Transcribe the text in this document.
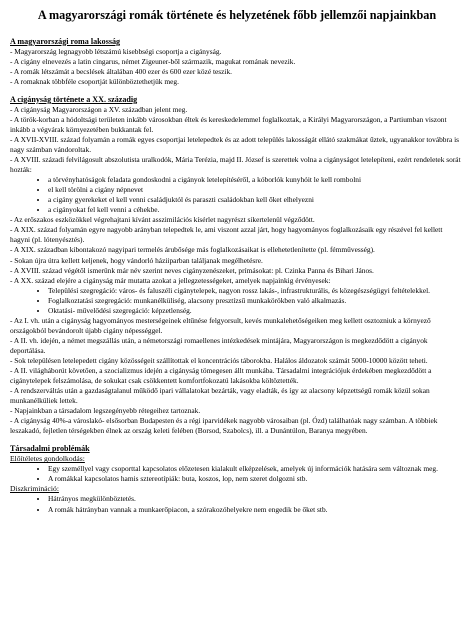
A magyarországi romák története és helyzetének főbb jellemzői napjainkban

A magyarországi roma lakosság

- Magyarország legnagyobb létszámú kisebbségi csoportja a cigányság.

- A cigány elnevezés a latin cingarus, német Zigeuner-ből származik, magukat romának nevezik.

- A romák létszámát a becslések általában 400 ezer és 600 ezer közé teszik.

- A romaknak többféle csoportját különböztethetjük meg.

A cigányság története a XX. századig

- A cigányság Magyarországon a XV. században jelent meg.

- A török-korban a hódoltsági területen inkább városokban éltek és kereskedelemmel foglalkoztak, a Királyi Magyarországon, a Partiumban viszont inkább a végvárak környezetében bukkantak fel.

- A XVII-XVIII. század folyamán a romák egyes csoportjai letelepedtek és az adott település lakosságát ellátó szakmákat űztek, ugyanakkor továbbra is nagy számban vándoroltak.

- A XVIII. századi felvilágosult abszolutista uralkodók, Mária Terézia, majd II. József is szerettek volna a cigányságot letelepíteni, ezért rendeletek sorát hozták:

• a törvényhatóságok feladata gondoskodni a cigányok letelepítéséről, a kóborlók kunyhóit le kell rombolni
• el kell törölni a cigány népnevet
• a cigány gyerekeket el kell venni családjuktól és paraszti családokban kell őket elhelyezni
• a cigányokat fel kell venni a céhekbe.

- Az erőszakos eszközökkel végrehajtani kívánt asszimilációs kísérlet nagyrészt sikertelenül végződött.

- A XIX. század folyamán egyre nagyobb arányban telepedtek le, ami viszont azzal járt, hogy hagyományos foglalkozásaik egy részével fel kellett hagyni (pl. lótenyésztés).

- A XIX. században kibontakozó nagyipari termelés árubősége más foglalkozásaikat is ellehetetlenítette (pl. fémművesség).

- Sokan újra útra kellett keljenek, hogy vándorló háziiparban találjanak megélhetésre.

- A XVIII. század végétől ismerünk már név szerint neves cigányzenészeket, prímásokat: pl. Czinka Panna és Bihari János.

- A XX. század elejére a cigányság már mutatta azokat a jellegzetességeket, amelyek napjainkig érvényesek:

• Településí szegregáció: város- és faluszéli cigánytelepek, nagyon rossz lakás-, infrastrukturális, és közegészségügyi feltételekkel.
• Foglalkoztatási szegregáció: munkanélküliség, alacsony presztízsű munkakörökben való alkalmazás.
• Oktatási- művelődési szegregáció: képzetlenség.

- Az I. vh. után a cigányság hagyományos mesterségeinek eltűnése felgyorsult, kevés munkalehetőségeiken meg kellett osztozniuk a környező országokból bevándorolt újabb cigány népességgel.

- A II. vh. idején, a német megszállás után, a németországi romaellenes intézkedések mintájára, Magyarországon is megkezdődött a cigányok deportálása.

- Sok településen letelepedett cigány közösségeit szállítottak el koncentrációs táborokba. Halálos áldozatok számát 5000-10000 között teheti.

- A II. világháborút követően, a szocializmus idején a cigányság tömegesen állt munkába. Társadalmi integrációjuk érdekében megkezdődött a cigánytelepek felszámolása, de sokukat csak csökkentett komfortfokozatú lakásokba költöztették.

- A rendszerváltás után a gazdaságtalanul működő ipari vállalatokat bezárták, vagy eladták, és így az alacsony képzettségű romák közül sokan munkanélküliek lettek.

- Napjainkban a társadalom legszegényebb rétegeihez tartoznak.

- A cigányság 40%-a városlakó- elsősorban Budapesten és a régi iparvidékek nagyobb városaiban (pl. Ózd) találhatóak nagy számban. A többiek leszakadó, fejletlen térségekben élnek az ország keleti felében (Borsod, Szabolcs), ill. a Dunántúlon, Baranya megyében.

Társadalmi problémák

Előítéletes gondolkodás:

• Egy személlyel vagy csoporttal kapcsolatos előzetesen kialakult elképzelések, amelyek új információk hatására sem változnak meg.
• A romákkal kapcsolatos hamis sztereotípiák: buta, koszos, lop, nem szeret dolgozni stb.

Diszkrimináció:

• Hátrányos megkülönböztetés.
• A romák hátrányban vannak a munkaerőpiacon, a szórakozóhelyekre nem engedik be őket stb.
